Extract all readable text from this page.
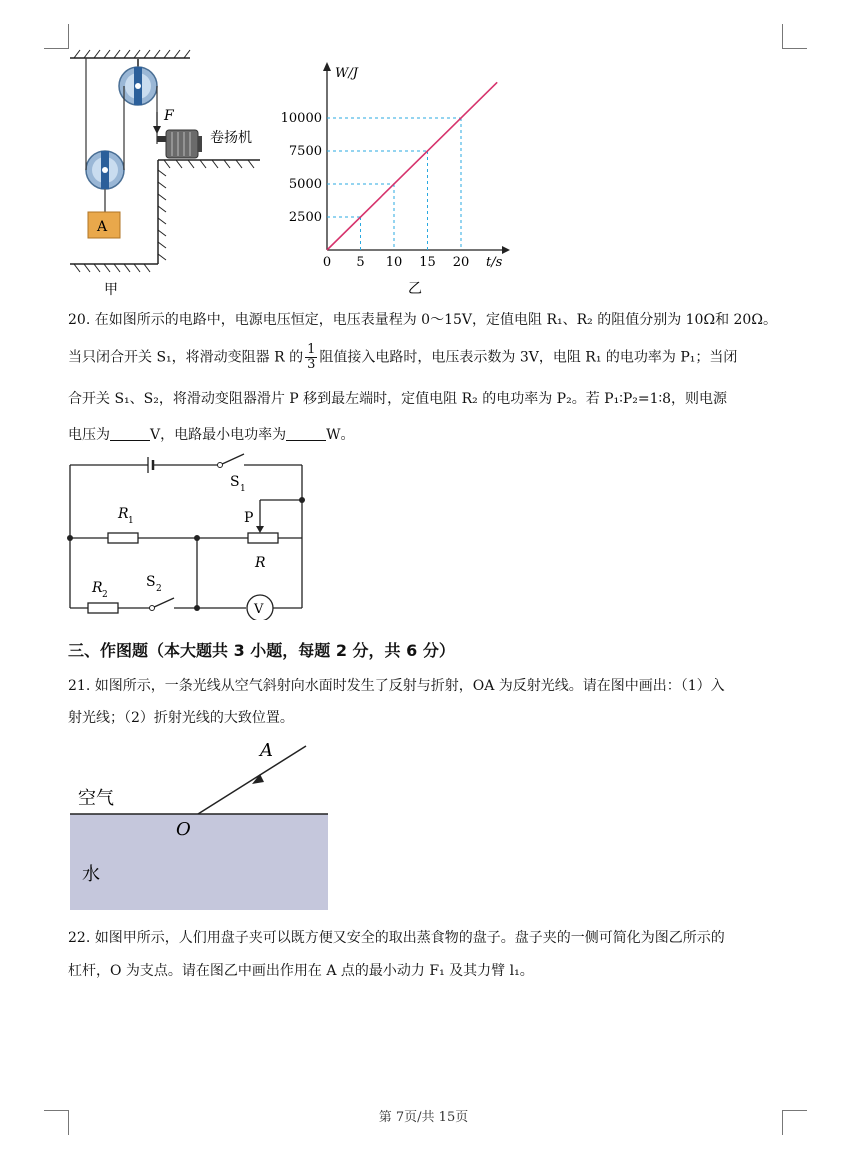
F
卷扬机
A
甲
W/J
t/s
乙
0 5 10 15 20
2500
5000
7500
10000
20. 在如图所示的电路中，电源电压恒定，电压表量程为 0～15V，定值电阻 R₁、R₂ 的阻值分别为 10Ω和 20Ω。
当只闭合开关 S₁，将滑动变阻器 R 的 $\frac{1}{3}$ 阻值接入电路时，电压表示数为 3V，电阻 R₁ 的电功率为 P₁；当闭
合开关 S₁、S₂，将滑动变阻器滑片 P 移到最左端时，定值电阻 R₂ 的电功率为 P₂。若 P₁∶P₂=1∶8，则电源
电压为	V，电路最小电功率为	W。
S 1
R 1	P
R
R 2
S 2
V
三、作图题（本大题共 3 小题，每题 2 分，共 6 分）
21. 如图所示，一条光线从空气斜射向水面时发生了反射与折射，OA 为反射光线。请在图中画出：（1）入
射光线；（2）折射光线的大致位置。
空气
水
O
A
22. 如图甲所示，人们用盘子夹可以既方便又安全的取出蒸食物的盘子。盘子夹的一侧可简化为图乙所示的
杠杆，O 为支点。请在图乙中画出作用在 A 点的最小动力 F₁ 及其力臂 l₁。
第 7页/共 15页
